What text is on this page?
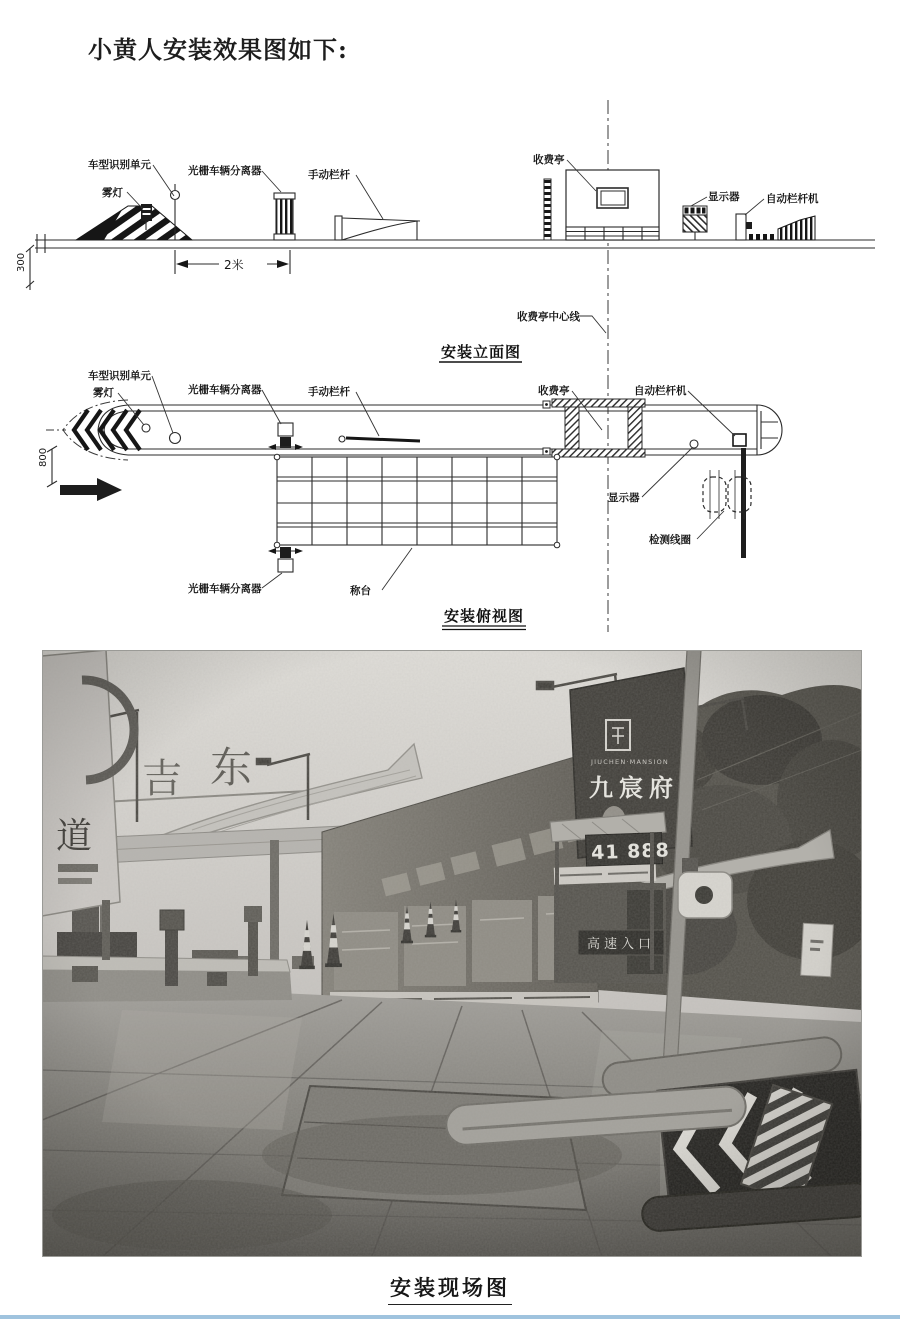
小黄人安装效果图如下:
300
雾灯
车型识别单元	光栅车辆分离器	手动栏杆
2米
收费亭
显示器	自动栏杆机
收费亭中心线
安装立面图
车型识别单元
雾灯	光栅车辆分离器	手动栏杆	收费亭	自动栏杆机
显示器
检测线圈
称台
光栅车辆分离器
800
安装俯视图
安装现场图
